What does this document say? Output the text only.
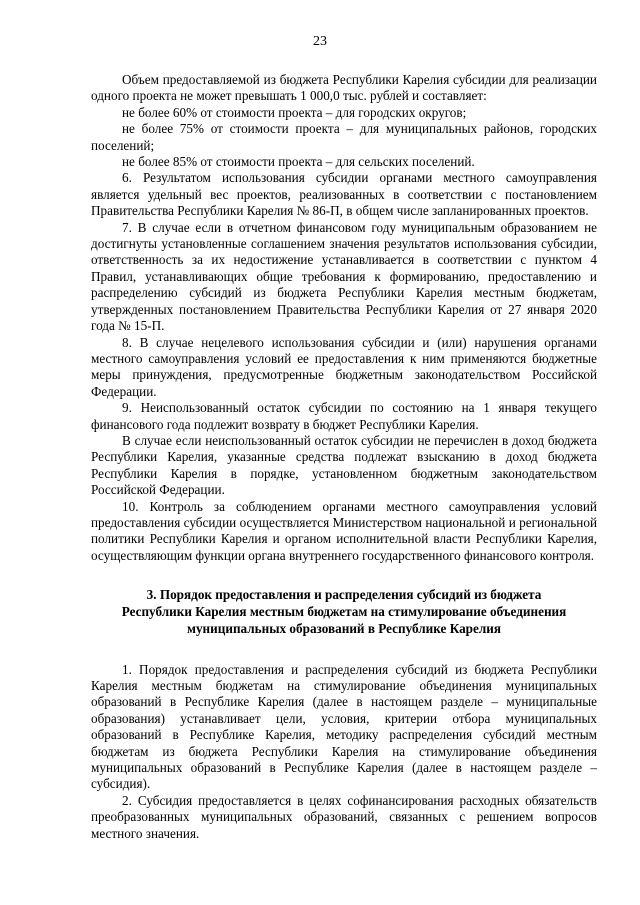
23

Объем предоставляемой из бюджета Республики Карелия субсидии для реализации одного проекта не может превышать 1 000,0 тыс. рублей и составляет:

не более 60% от стоимости проекта – для городских округов;

не более 75% от стоимости проекта – для муниципальных районов, городских поселений;

не более 85% от стоимости проекта – для сельских поселений.

6. Результатом использования субсидии органами местного самоуправления является удельный вес проектов, реализованных в соответствии с постановлением Правительства Республики Карелия № 86-П, в общем числе запланированных проектов.

7. В случае если в отчетном финансовом году муниципальным образованием не достигнуты установленные соглашением значения результатов использования субсидии, ответственность за их недостижение устанавливается в соответствии с пунктом 4 Правил, устанавливающих общие требования к формированию, предоставлению и распределению субсидий из бюджета Республики Карелия местным бюджетам, утвержденных постановлением Правительства Республики Карелия от 27 января 2020 года № 15-П.

8. В случае нецелевого использования субсидии и (или) нарушения органами местного самоуправления условий ее предоставления к ним применяются бюджетные меры принуждения, предусмотренные бюджетным законодательством Российской Федерации.

9. Неиспользованный остаток субсидии по состоянию на 1 января текущего финансового года подлежит возврату в бюджет Республики Карелия.

В случае если неиспользованный остаток субсидии не перечислен в доход бюджета Республики Карелия, указанные средства подлежат взысканию в доход бюджета Республики Карелия в порядке, установленном бюджетным законодательством Российской Федерации.

10. Контроль за соблюдением органами местного самоуправления условий предоставления субсидии осуществляется Министерством национальной и региональной политики Республики Карелия и органом исполнительной власти Республики Карелия, осуществляющим функции органа внутреннего государственного финансового контроля.

3. Порядок предоставления и распределения субсидий из бюджета
Республики Карелия местным бюджетам на стимулирование объединения
муниципальных образований в Республике Карелия

1. Порядок предоставления и распределения субсидий из бюджета Республики Карелия местным бюджетам на стимулирование объединения муниципальных образований в Республике Карелия (далее в настоящем разделе – муниципальные образования) устанавливает цели, условия, критерии отбора муниципальных образований в Республике Карелия, методику распределения субсидий местным бюджетам из бюджета Республики Карелия на стимулирование объединения муниципальных образований в Республике Карелия (далее в настоящем разделе – субсидия).

2. Субсидия предоставляется в целях софинансирования расходных обязательств преобразованных муниципальных образований, связанных с решением вопросов местного значения.
